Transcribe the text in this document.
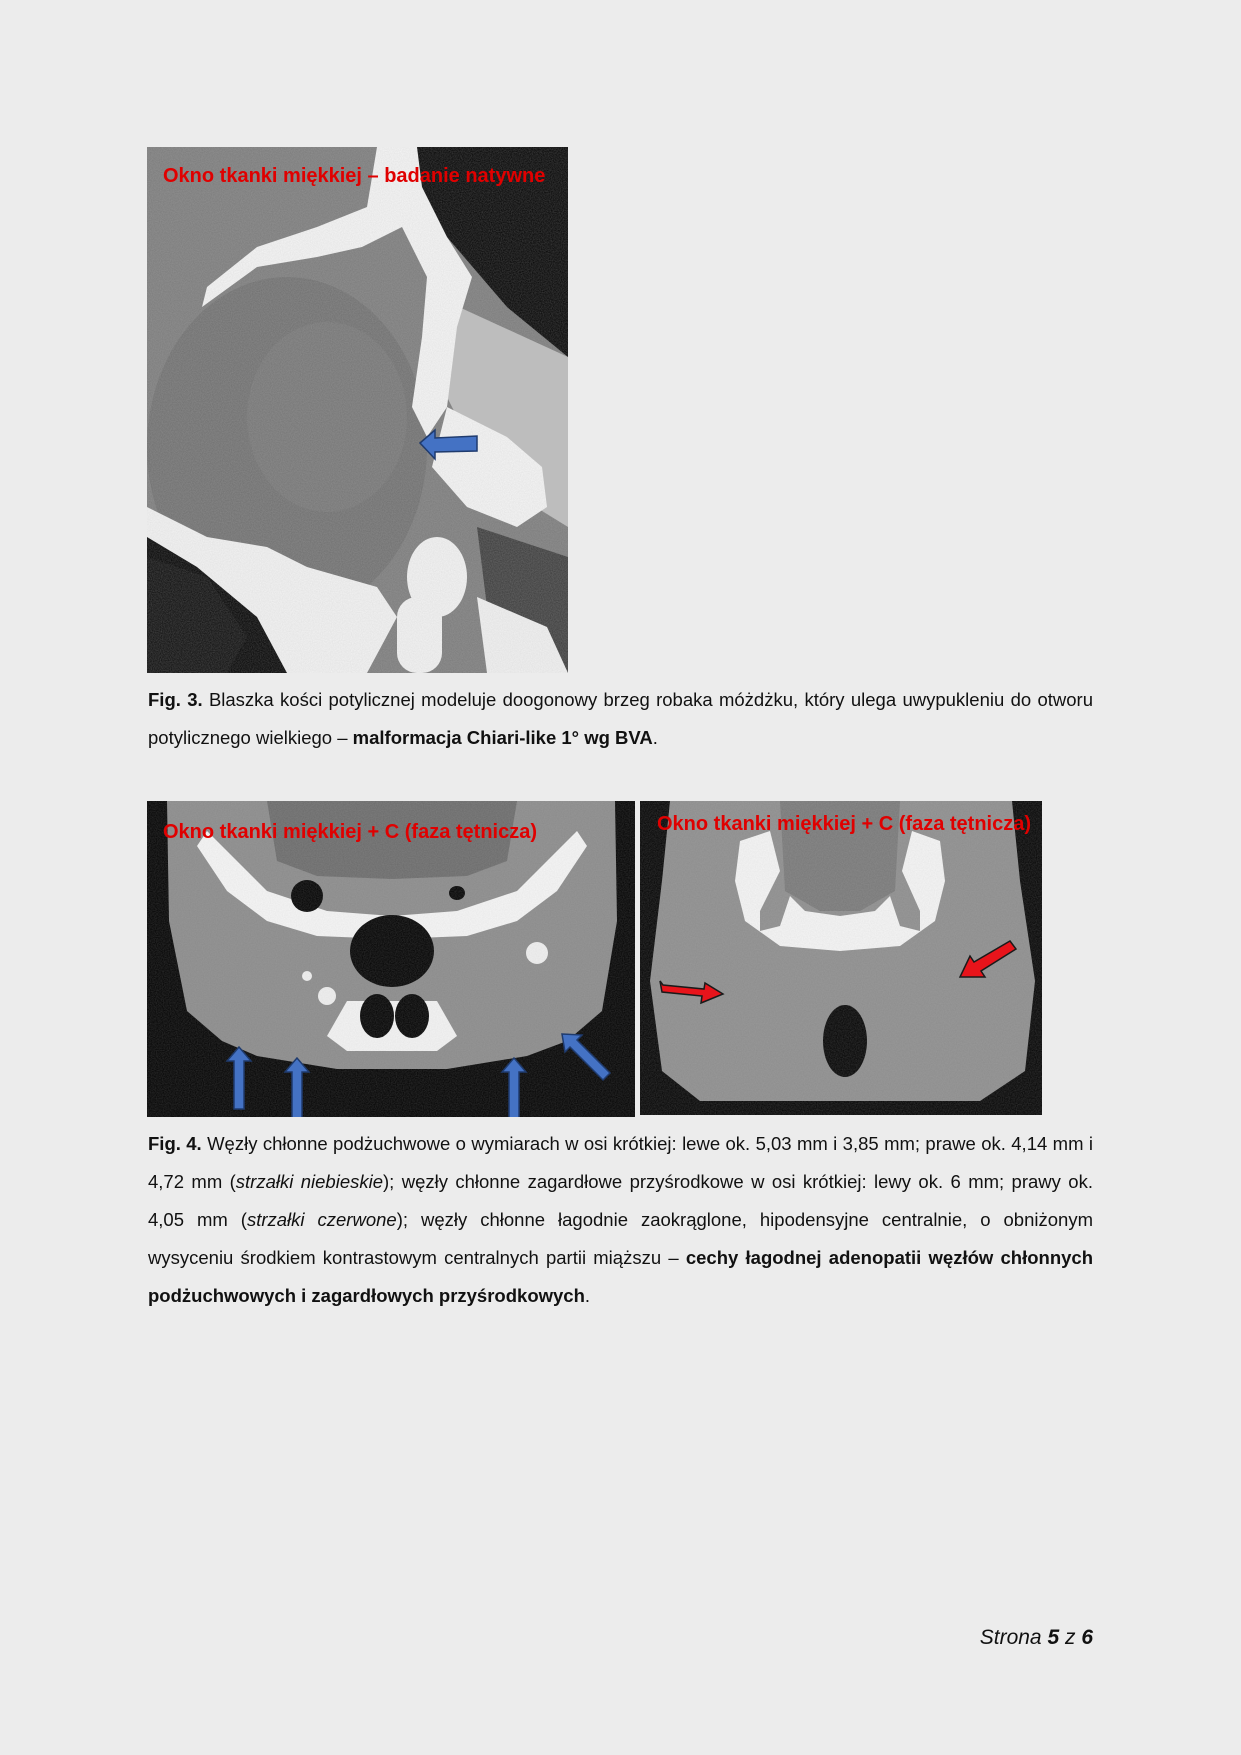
Okno tkanki miękkiej – badanie natywne

Fig. 3. Blaszka kości potylicznej modeluje doogonowy brzeg robaka móżdżku, który ulega uwypukleniu do otworu potylicznego wielkiego – malformacja Chiari-like 1° wg BVA.

Okno tkanki miękkiej + C (faza tętnicza)	Okno tkanki miękkiej + C (faza tętnicza)

Fig. 4. Węzły chłonne podżuchwowe o wymiarach w osi krótkiej: lewe ok. 5,03 mm i 3,85 mm; prawe ok. 4,14 mm i 4,72 mm (strzałki niebieskie); węzły chłonne zagardłowe przyśrodkowe w osi krótkiej: lewy ok. 6 mm; prawy ok. 4,05 mm (strzałki czerwone); węzły chłonne łagodnie zaokrąglone, hipodensyjne centralnie, o obniżonym wysyceniu środkiem kontrastowym centralnych partii miąższu – cechy łagodnej adenopatii węzłów chłonnych podżuchwowych i zagardłowych przyśrodkowych.

Strona 5 z 6
